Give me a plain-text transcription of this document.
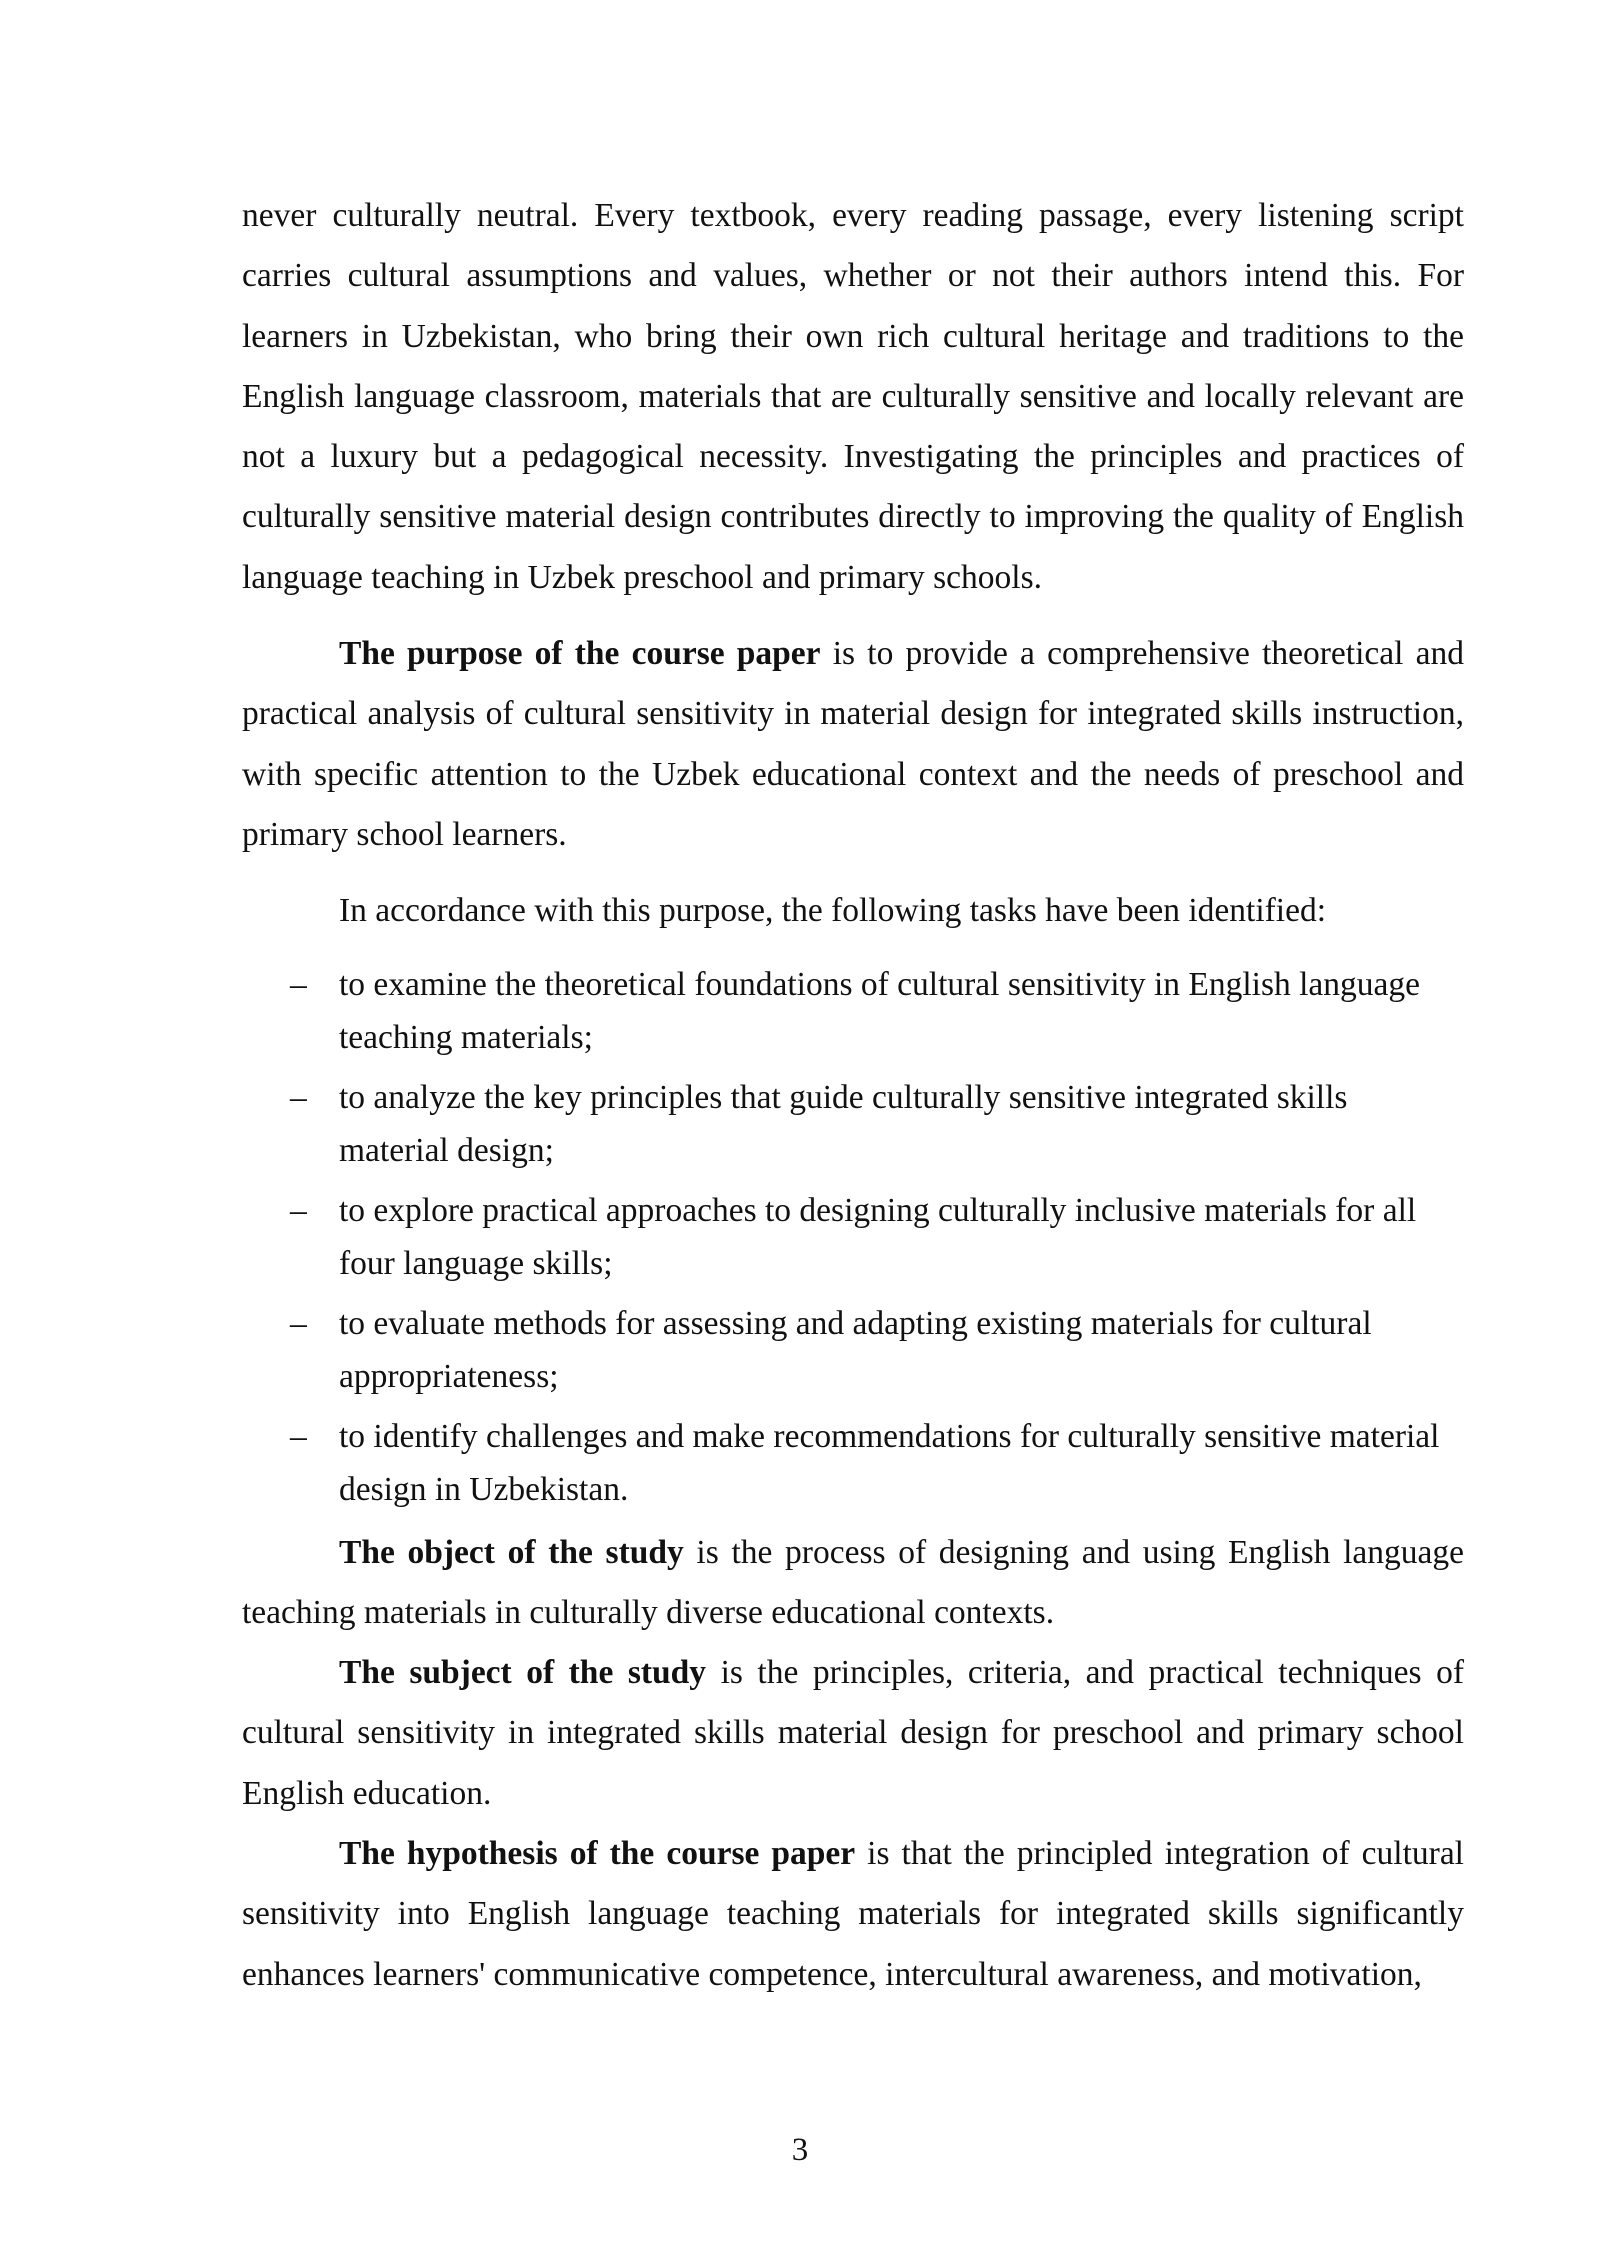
never culturally neutral. Every textbook, every reading passage, every listening script carries cultural assumptions and values, whether or not their authors intend this. For learners in Uzbekistan, who bring their own rich cultural heritage and traditions to the English language classroom, materials that are culturally sensitive and locally relevant are not a luxury but a pedagogical necessity. Investigating the principles and practices of culturally sensitive material design contributes directly to improving the quality of English language teaching in Uzbek preschool and primary schools.

The purpose of the course paper is to provide a comprehensive theoretical and practical analysis of cultural sensitivity in material design for integrated skills instruction, with specific attention to the Uzbek educational context and the needs of preschool and primary school learners.

In accordance with this purpose, the following tasks have been identified:

– to examine the theoretical foundations of cultural sensitivity in English language teaching materials;
– to analyze the key principles that guide culturally sensitive integrated skills material design;
– to explore practical approaches to designing culturally inclusive materials for all four language skills;
– to evaluate methods for assessing and adapting existing materials for cultural appropriateness;
– to identify challenges and make recommendations for culturally sensitive material design in Uzbekistan.

The object of the study is the process of designing and using English language teaching materials in culturally diverse educational contexts.

The subject of the study is the principles, criteria, and practical techniques of cultural sensitivity in integrated skills material design for preschool and primary school English education.

The hypothesis of the course paper is that the principled integration of cultural sensitivity into English language teaching materials for integrated skills significantly enhances learners' communicative competence, intercultural awareness, and motivation,

3
